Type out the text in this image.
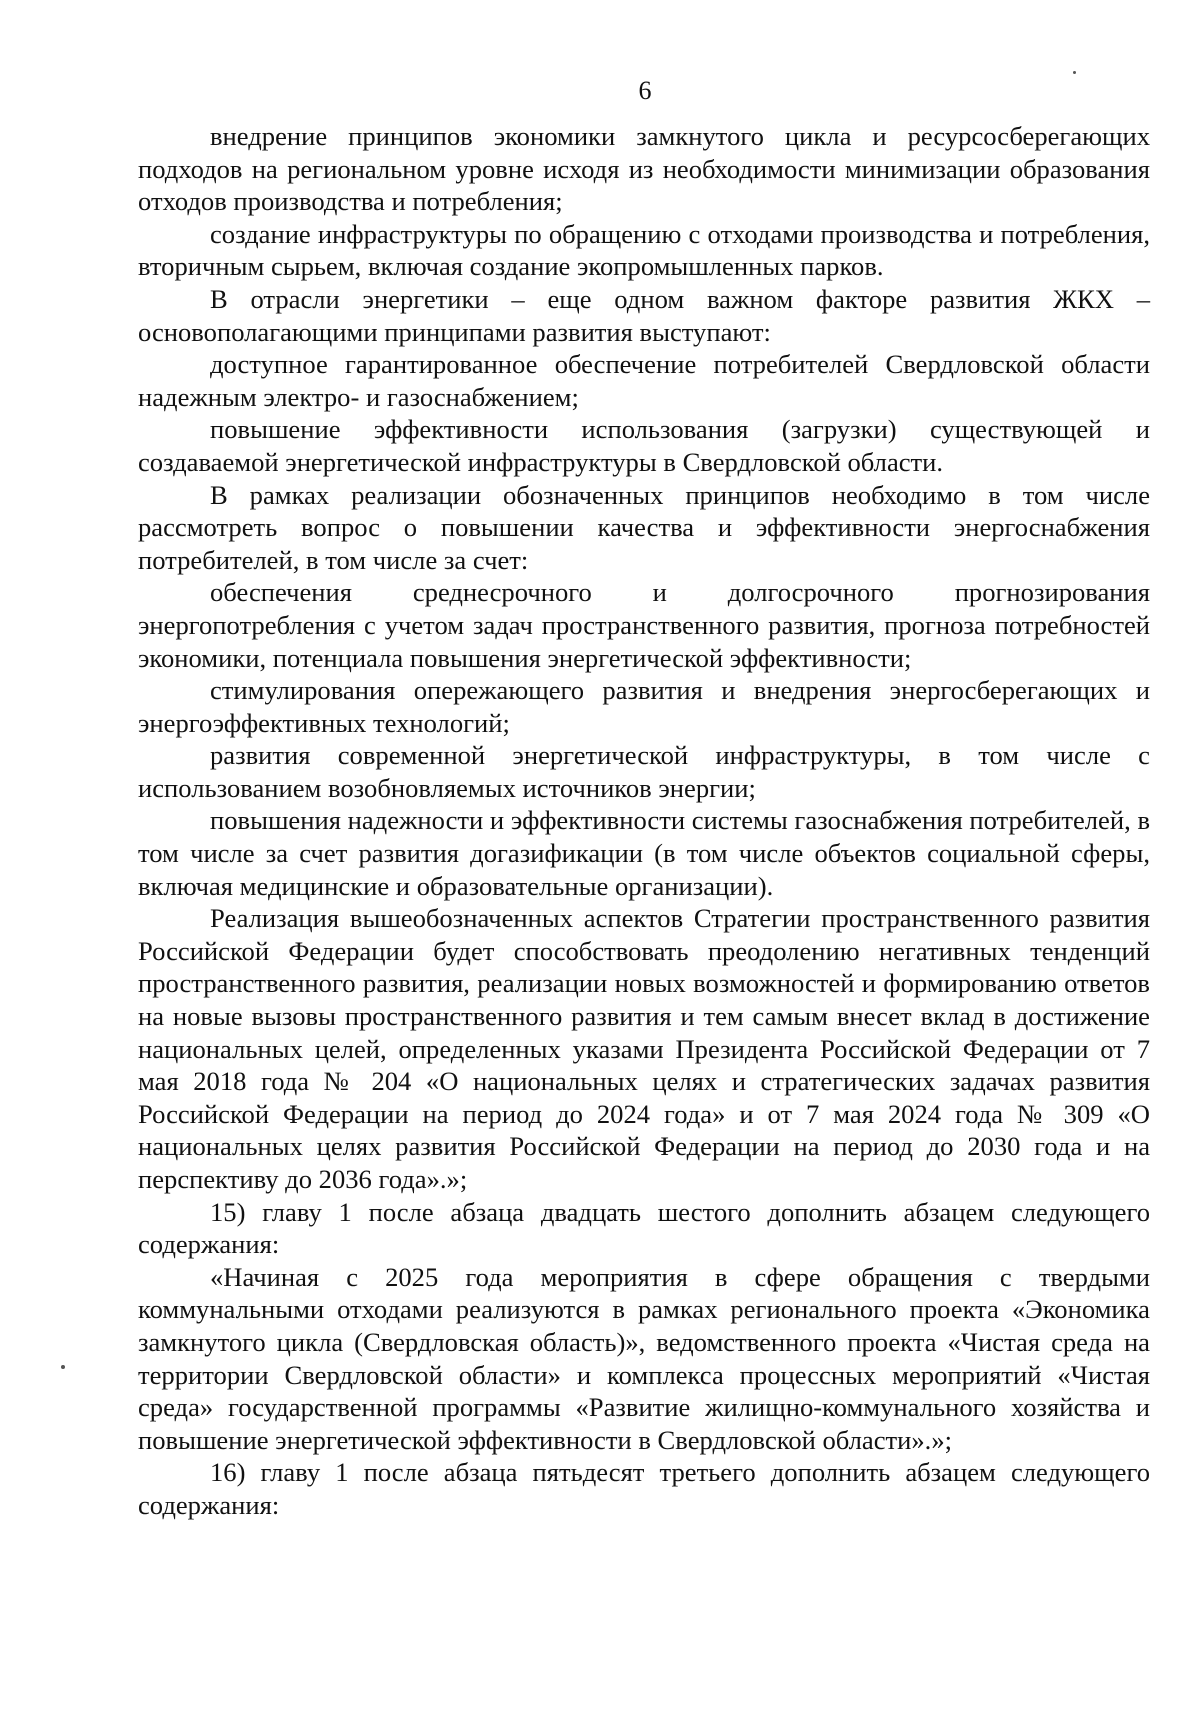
6

внедрение принципов экономики замкнутого цикла и ресурсосберегающих подходов на региональном уровне исходя из необходимости минимизации образования отходов производства и потребления;

создание инфраструктуры по обращению с отходами производства и потребления, вторичным сырьем, включая создание экопромышленных парков.

В отрасли энергетики – еще одном важном факторе развития ЖКХ – основополагающими принципами развития выступают:

доступное гарантированное обеспечение потребителей Свердловской области надежным электро- и газоснабжением;

повышение эффективности использования (загрузки) существующей и создаваемой энергетической инфраструктуры в Свердловской области.

В рамках реализации обозначенных принципов необходимо в том числе рассмотреть вопрос о повышении качества и эффективности энергоснабжения потребителей, в том числе за счет:

обеспечения среднесрочного и долгосрочного прогнозирования энергопотребления с учетом задач пространственного развития, прогноза потребностей экономики, потенциала повышения энергетической эффективности;

стимулирования опережающего развития и внедрения энергосберегающих и энергоэффективных технологий;

развития современной энергетической инфраструктуры, в том числе с использованием возобновляемых источников энергии;

повышения надежности и эффективности системы газоснабжения потребителей, в том числе за счет развития догазификации (в том числе объектов социальной сферы, включая медицинские и образовательные организации).

Реализация вышеобозначенных аспектов Стратегии пространственного развития Российской Федерации будет способствовать преодолению негативных тенденций пространственного развития, реализации новых возможностей и формированию ответов на новые вызовы пространственного развития и тем самым внесет вклад в достижение национальных целей, определенных указами Президента Российской Федерации от 7 мая 2018 года № 204 «О национальных целях и стратегических задачах развития Российской Федерации на период до 2024 года» и от 7 мая 2024 года № 309 «О национальных целях развития Российской Федерации на период до 2030 года и на перспективу до 2036 года».»;

15) главу 1 после абзаца двадцать шестого дополнить абзацем следующего содержания:

«Начиная с 2025 года мероприятия в сфере обращения с твердыми коммунальными отходами реализуются в рамках регионального проекта «Экономика замкнутого цикла (Свердловская область)», ведомственного проекта «Чистая среда на территории Свердловской области» и комплекса процессных мероприятий «Чистая среда» государственной программы «Развитие жилищно-коммунального хозяйства и повышение энергетической эффективности в Свердловской области».»;

16) главу 1 после абзаца пятьдесят третьего дополнить абзацем следующего содержания:
